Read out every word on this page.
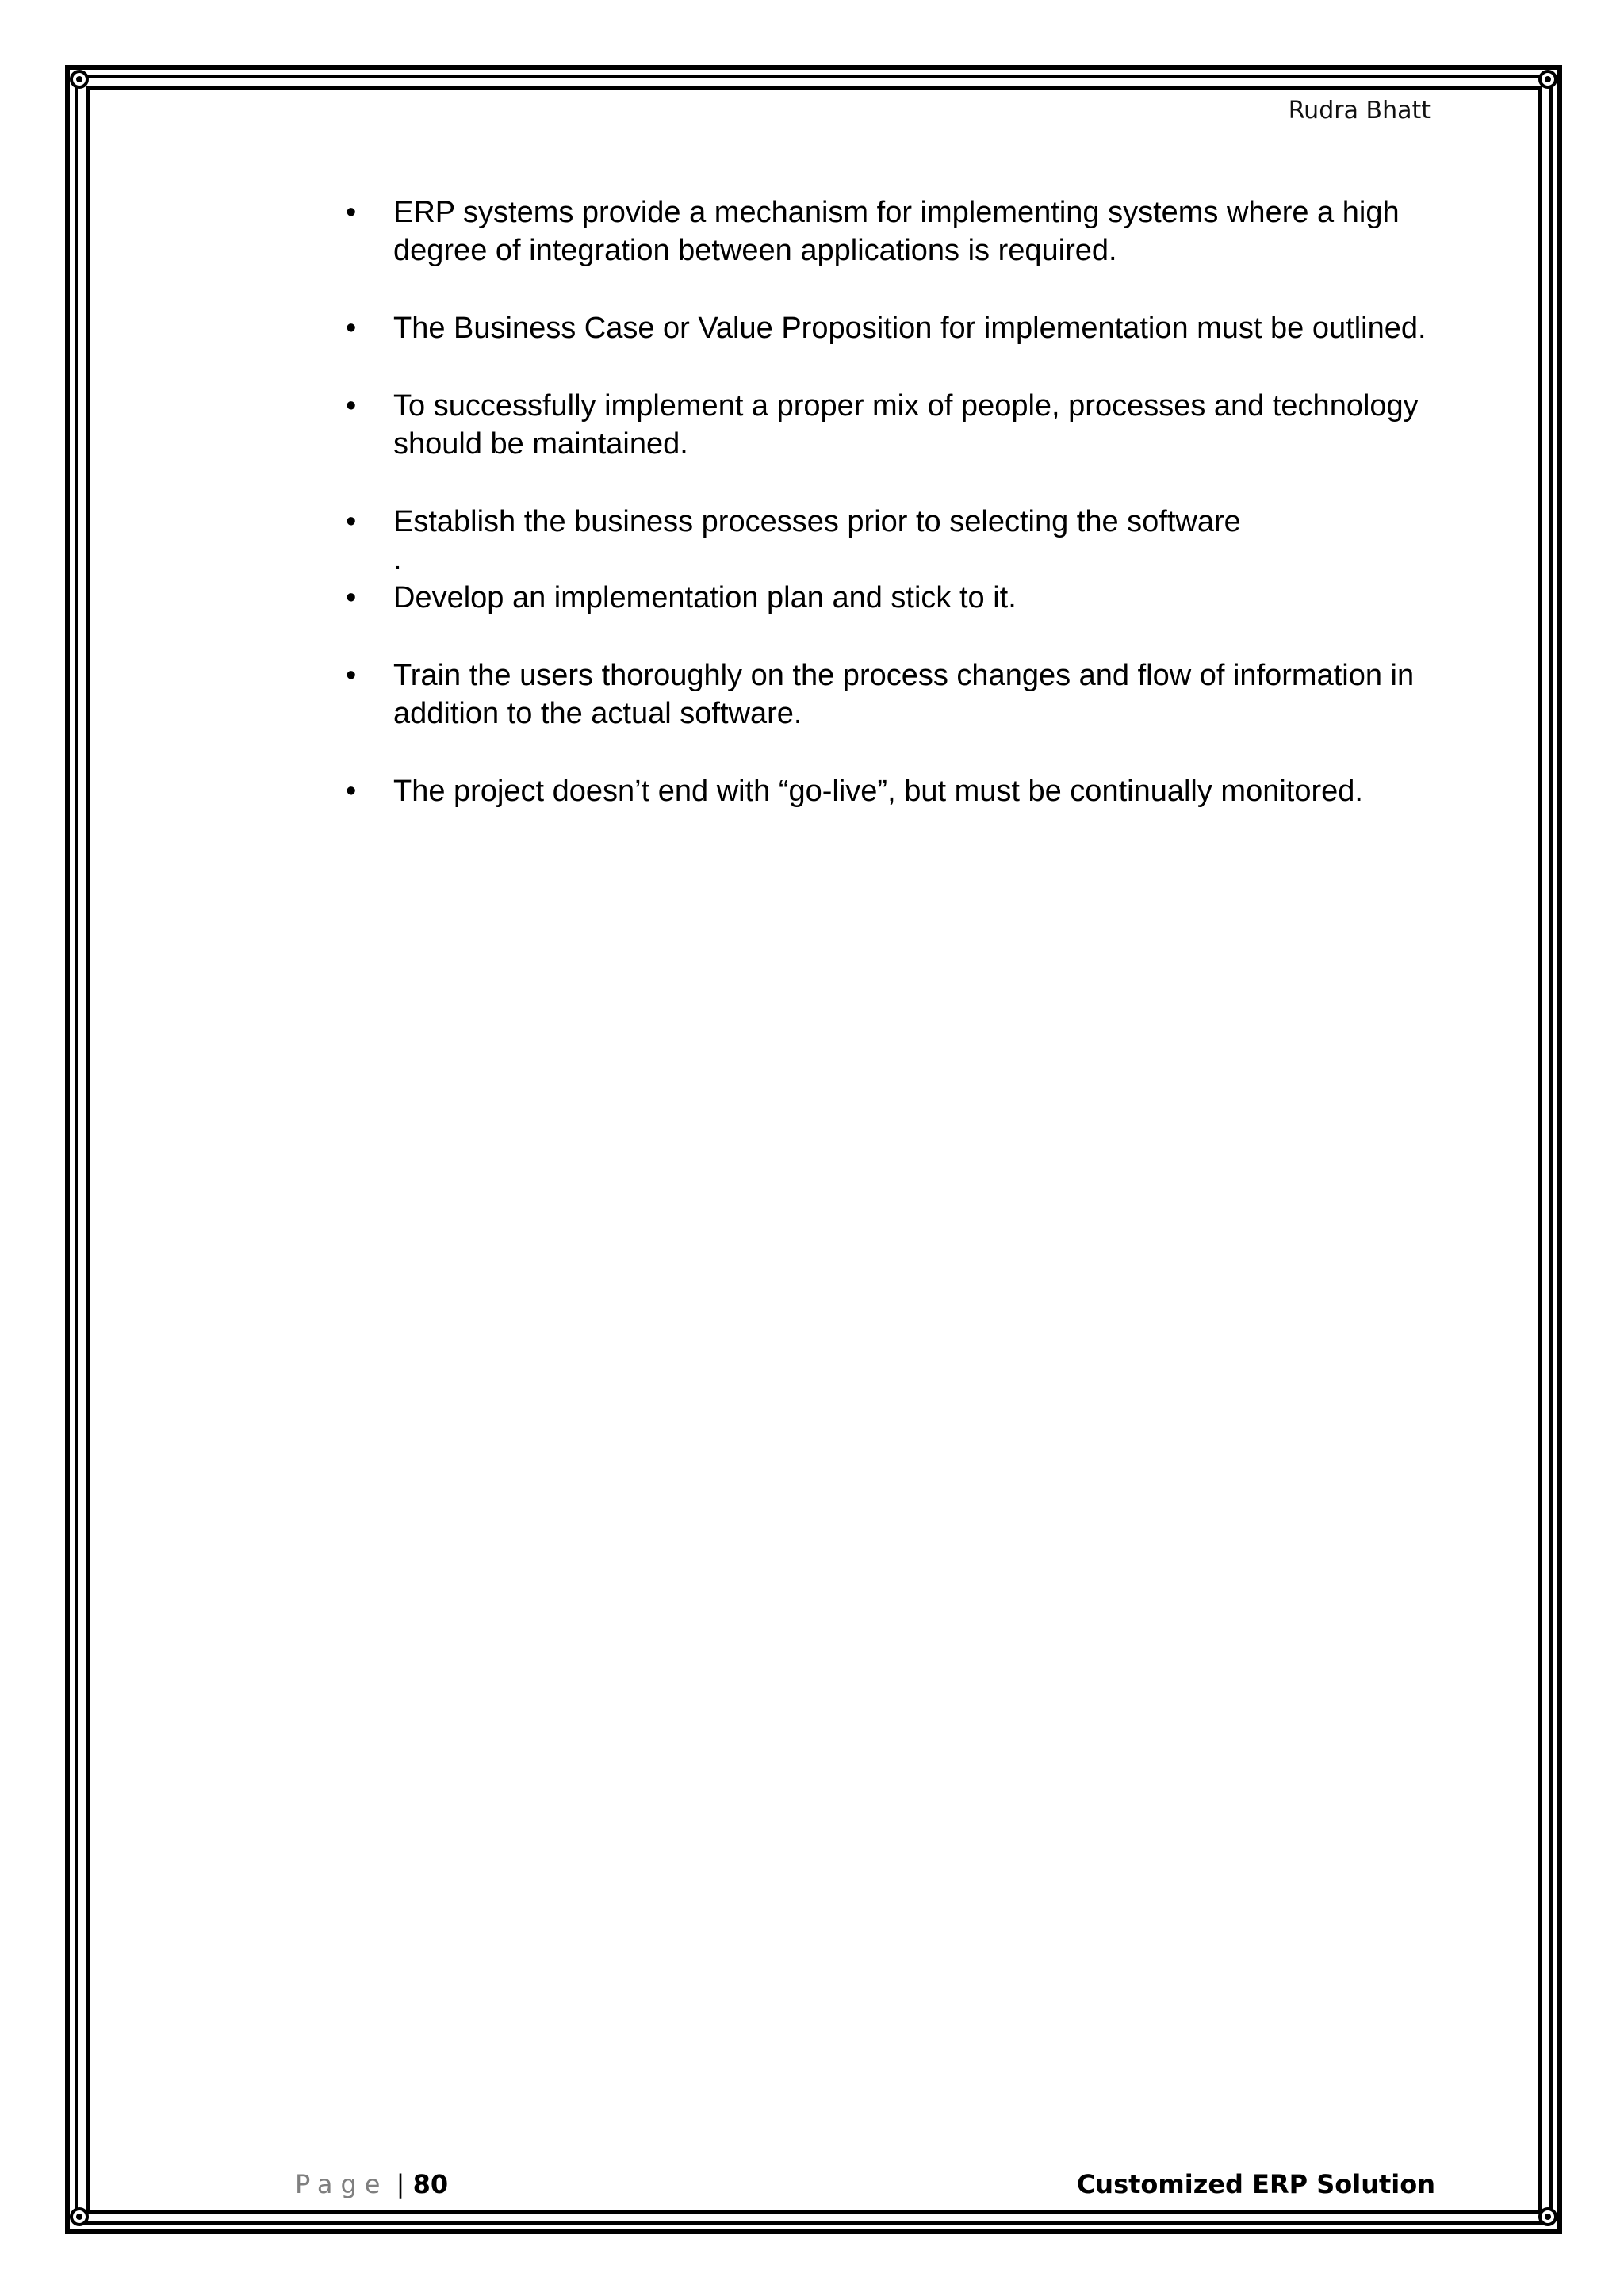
Rudra Bhatt
• ERP systems provide a mechanism for implementing systems where a high degree of integration between applications is required.
• The Business Case or Value Proposition for implementation must be outlined.
• To successfully implement a proper mix of people, processes and technology should be maintained.
• Establish the business processes prior to selecting the software
.
• Develop an implementation plan and stick to it.
• Train the users thoroughly on the process changes and flow of information in addition to the actual software.
• The project doesn’t end with “go-live”, but must be continually monitored.
Page | 80	Customized ERP Solution
